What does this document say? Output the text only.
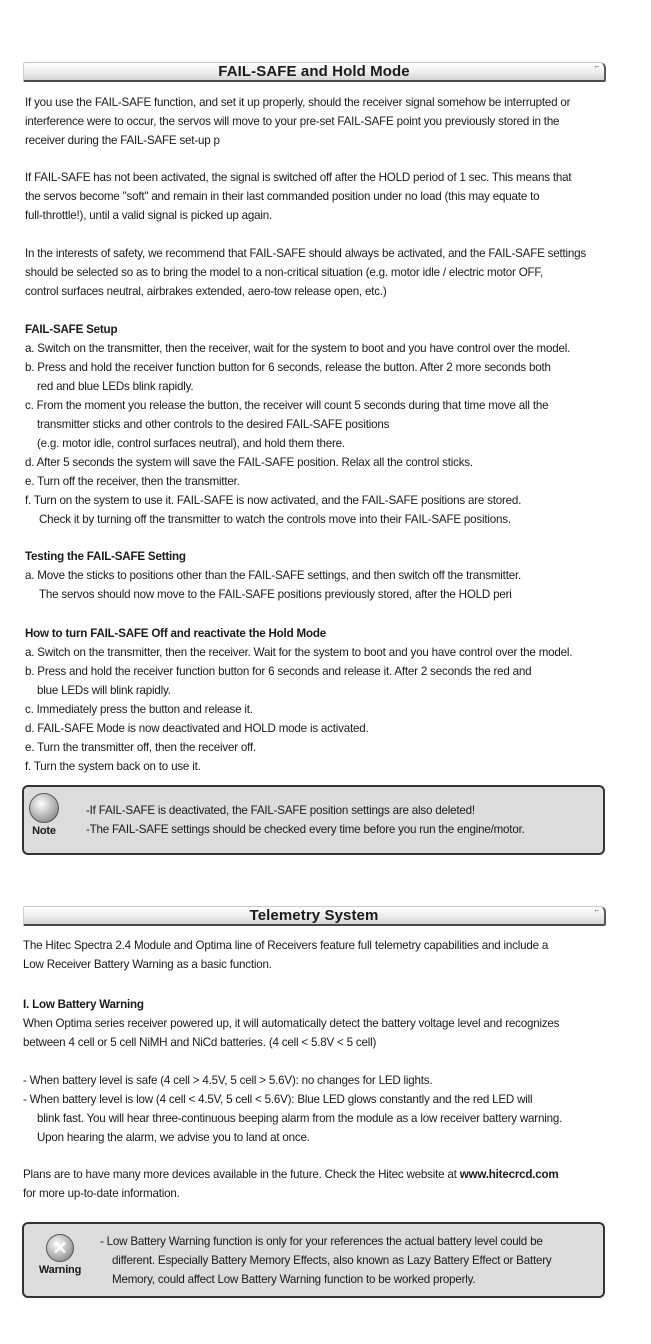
FAIL-SAFE and Hold Mode	⌐
If you use the FAIL-SAFE function, and set it up properly, should the receiver signal somehow be interrupted or
interference were to occur, the servos will move to your pre-set FAIL-SAFE point you previously stored in the
receiver during the FAIL-SAFE set-up p
If FAIL-SAFE has not been activated, the signal is switched off after the HOLD period of 1 sec. This means that
the servos become "soft" and remain in their last commanded position under no load (this may equate to
full-throttle!), until a valid signal is picked up again.
In the interests of safety, we recommend that FAIL-SAFE should always be activated, and the FAIL-SAFE settings
should be selected so as to bring the model to a non-critical situation (e.g. motor idle / electric motor OFF,
control surfaces neutral, airbrakes extended, aero-tow release open, etc.)
FAIL-SAFE Setup
a. Switch on the transmitter, then the receiver, wait for the system to boot and you have control over the model.
b. Press and hold the receiver function button for 6 seconds, release the button. After 2 more seconds both
red and blue LEDs blink rapidly.
c. From the moment you release the button, the receiver will count 5 seconds during that time move all the
transmitter sticks and other controls to the desired FAIL-SAFE positions
(e.g. motor idle, control surfaces neutral), and hold them there.
d. After 5 seconds the system will save the FAIL-SAFE position. Relax all the control sticks.
e. Turn off the receiver, then the transmitter.
f. Turn on the system to use it. FAIL-SAFE is now activated, and the FAIL-SAFE positions are stored.
Check it by turning off the transmitter to watch the controls move into their FAIL-SAFE positions.
Testing the FAIL-SAFE Setting
a. Move the sticks to positions other than the FAIL-SAFE settings, and then switch off the transmitter.
The servos should now move to the FAIL-SAFE positions previously stored, after the HOLD peri
How to turn FAIL-SAFE Off and reactivate the Hold Mode
a. Switch on the transmitter, then the receiver. Wait for the system to boot and you have control over the model.
b. Press and hold the receiver function button for 6 seconds and release it. After 2 seconds the red and
blue LEDs will blink rapidly.
c. Immediately press the button and release it.
d. FAIL-SAFE Mode is now deactivated and HOLD mode is activated.
e. Turn the transmitter off, then the receiver off.
f. Turn the system back on to use it.
Note
-If FAIL-SAFE is deactivated, the FAIL-SAFE position settings are also deleted!
-The FAIL-SAFE settings should be checked every time before you run the engine/motor.
Telemetry System	⌐
The Hitec Spectra 2.4 Module and Optima line of Receivers feature full telemetry capabilities and include a
Low Receiver Battery Warning as a basic function.
I. Low Battery Warning
When Optima series receiver powered up, it will automatically detect the battery voltage level and recognizes
between 4 cell or 5 cell NiMH and NiCd batteries. (4 cell < 5.8V < 5 cell)
- When battery level is safe (4 cell > 4.5V, 5 cell > 5.6V): no changes for LED lights.
- When battery level is low (4 cell < 4.5V, 5 cell < 5.6V): Blue LED glows constantly and the red LED will
blink fast. You will hear three-continuous beeping alarm from the module as a low receiver battery warning.
Upon hearing the alarm, we advise you to land at once.
Plans are to have many more devices available in the future. Check the Hitec website at www.hitecrcd.com
for more up-to-date information.
✕
Warning
- Low Battery Warning function is only for your references the actual battery level could be
different. Especially Battery Memory Effects, also known as Lazy Battery Effect or Battery
Memory, could affect Low Battery Warning function to be worked properly.
